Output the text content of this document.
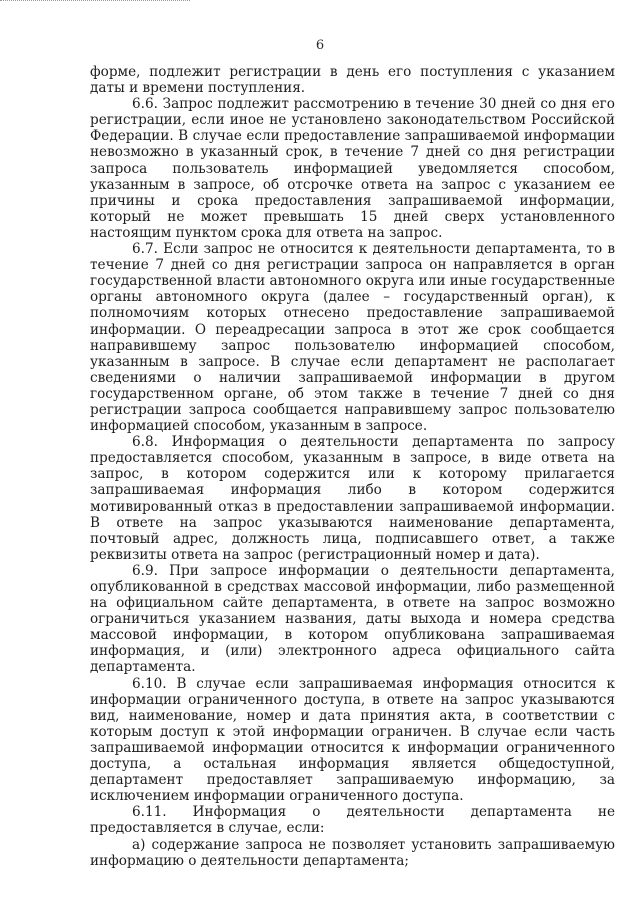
6

форме, подлежит регистрации в день его поступления с указанием даты и времени поступления.

6.6. Запрос подлежит рассмотрению в течение 30 дней со дня его регистрации, если иное не установлено законодательством Российской Федерации. В случае если предоставление запрашиваемой информации невозможно в указанный срок, в течение 7 дней со дня регистрации запроса пользователь информацией уведомляется способом, указанным в запросе, об отсрочке ответа на запрос с указанием ее причины и срока предоставления запрашиваемой информации, который не может превышать 15 дней сверх установленного настоящим пунктом срока для ответа на запрос.

6.7. Если запрос не относится к деятельности департамента, то в течение 7 дней со дня регистрации запроса он направляется в орган государственной власти автономного округа или иные государственные органы автономного округа (далее – государственный орган), к полномочиям которых отнесено предоставление запрашиваемой информации. О переадресации запроса в этот же срок сообщается направившему запрос пользователю информацией способом, указанным в запросе. В случае если департамент не располагает сведениями о наличии запрашиваемой информации в другом государственном органе, об этом также в течение 7 дней со дня регистрации запроса сообщается направившему запрос пользователю информацией способом, указанным в запросе.

6.8. Информация о деятельности департамента по запросу предоставляется способом, указанным в запросе, в виде ответа на запрос, в котором содержится или к которому прилагается запрашиваемая информация либо в котором содержится мотивированный отказ в предоставлении запрашиваемой информации. В ответе на запрос указываются наименование департамента, почтовый адрес, должность лица, подписавшего ответ, а также реквизиты ответа на запрос (регистрационный номер и дата).

6.9. При запросе информации о деятельности департамента, опубликованной в средствах массовой информации, либо размещенной на официальном сайте департамента, в ответе на запрос возможно ограничиться указанием названия, даты выхода и номера средства массовой информации, в котором опубликована запрашиваемая информация, и (или) электронного адреса официального сайта департамента.

6.10. В случае если запрашиваемая информация относится к информации ограниченного доступа, в ответе на запрос указываются вид, наименование, номер и дата принятия акта, в соответствии с которым доступ к этой информации ограничен. В случае если часть запрашиваемой информации относится к информации ограниченного доступа, а остальная информация является общедоступной, департамент предоставляет запрашиваемую информацию, за исключением информации ограниченного доступа.

6.11. Информация о деятельности департамента не предоставляется в случае, если:

а) содержание запроса не позволяет установить запрашиваемую информацию о деятельности департамента;
